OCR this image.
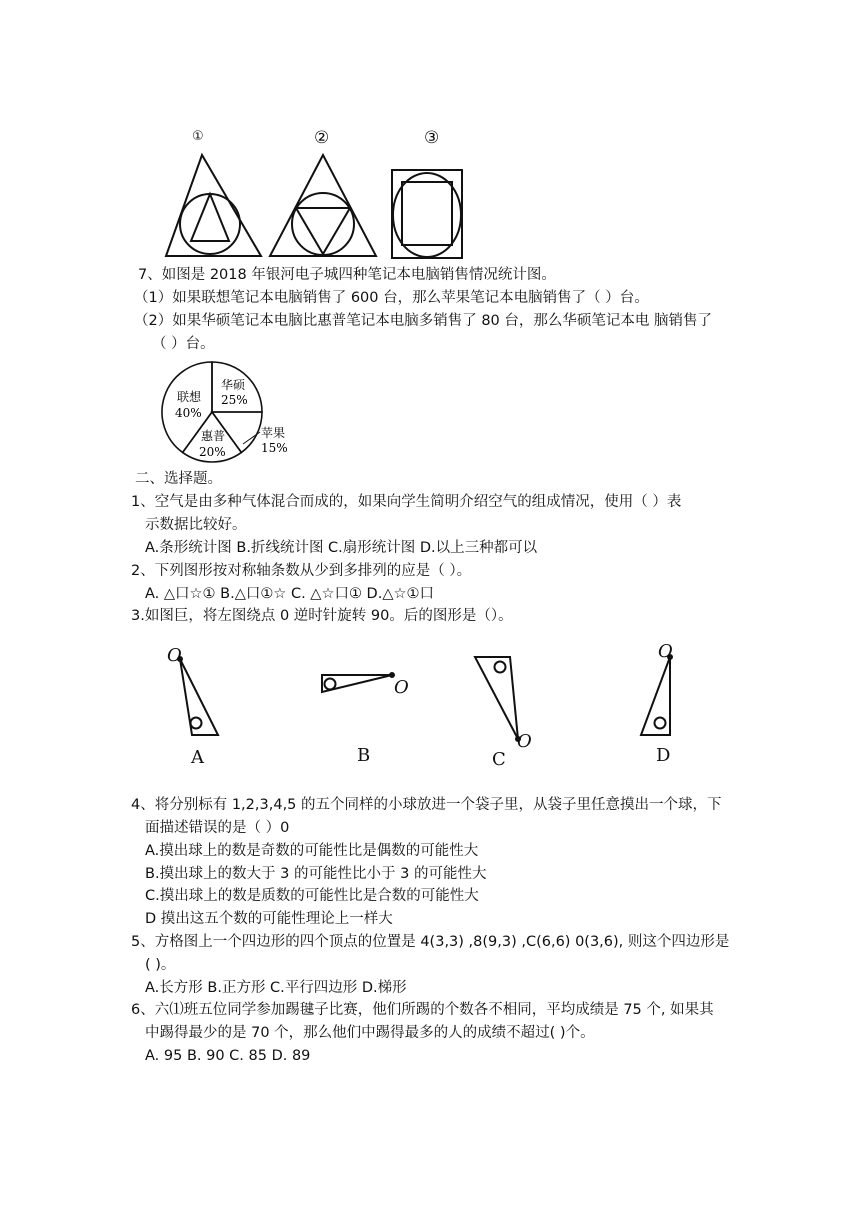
①	②	③
7、如图是 2018 年银河电子城四种笔记本电脑销售情况统计图。
（1）如果联想笔记本电脑销售了 600 台，那么苹果笔记本电脑销售了（ ）台。
（2）如果华硕笔记本电脑比惠普笔记本电脑多销售了 80 台，那么华硕笔记本电 脑销售了
（ ）台。
华硕
25%
联想
40%
惠普
20%
苹果
15%
二、选择题。
1、空气是由多种气体混合而成的，如果向学生简明介绍空气的组成情况，使用（ ）表
示数据比较好。
A.条形统计图 B.折线统计图 C.扇形统计图 D.以上三种都可以
2、下列图形按对称轴条数从少到多排列的应是（ ）。
A. △口☆① B.△口①☆ C. △☆口① D.△☆①口
3.如图巨，将左图绕点 0 逆时针旋转 90。后的图形是（）。
O
O
O
O
A	B	C	D
4、将分别标有 1,2,3,4,5 的五个同样的小球放进一个袋子里，从袋子里任意摸出一个球，下
面描述错误的是（ ）0
A.摸出球上的数是奇数的可能性比是偶数的可能性大
B.摸出球上的数大于 3 的可能性比小于 3 的可能性大
C.摸出球上的数是质数的可能性比是合数的可能性大
D 摸出这五个数的可能性理论上一样大
5、方格图上一个四边形的四个顶点的位置是 4(3,3) ,8(9,3) ,C(6,6) 0(3,6), 则这个四边形是
( )。
A.长方形 B.正方形 C.平行四边形 D.梯形
6、六⑴班五位同学参加踢毽子比赛，他们所踢的个数各不相同，平均成绩是 75 个, 如果其
中踢得最少的是 70 个，那么他们中踢得最多的人的成绩不超过( )个。
A. 95 B. 90 C. 85 D. 89
